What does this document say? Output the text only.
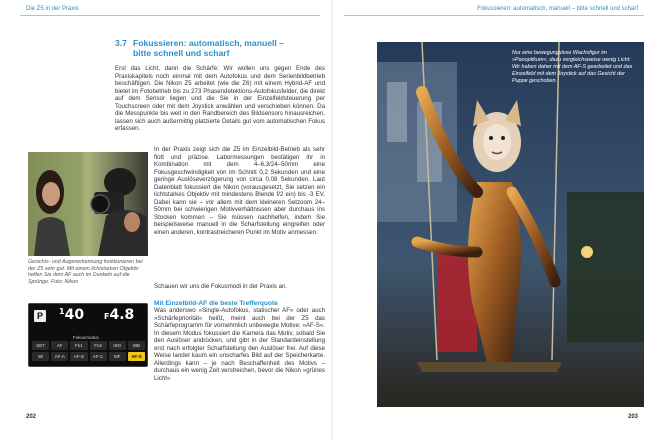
Die Z5 in der Praxis	Fokussieren: automatisch, manuell – bitte schnell und scharf
3.7 Fokussieren: automatisch, manuell –
bitte schnell und scharf

Erst das Licht, dann die Schärfe: Wir wollen uns gegen Ende des Praxiskapitels noch einmal mit dem Autofokus und dem Serienbildbetrieb beschäftigen. Die Nikon Z5 arbeitet (wie die Z6) mit einem Hybrid-AF und bietet im Fotobetrieb bis zu 273 Phasendetektions-Autofokusfelder, die direkt auf dem Sensor liegen und die Sie in der Einzelfeldsteuerung per Touchscreen oder mit dem Joystick anwählen und verschieben können. Da die Messpunkte bis weit in den Randbereich des Bildsensors hinausreichen, lassen sich auch außermittig platzierte Details gut vom automatischen Fokus erfassen.

Gesichts- und Augenerkennung funktionieren bei der Z5 sehr gut. Mit einem lichtstarken Objektiv helfen Sie dem AF auch im Dunkeln auf die Sprünge. Foto: Nikon

In der Praxis zeigt sich die Z5 im Einzelbild-Betrieb als sehr flott und präzise. Labormessungen bestätigen ihr in Kombination mit dem 4–6,3/24–50mm eine Fokusgeschwindigkeit von im Schnitt 0,2 Sekunden und eine geringe Auslöseverzögerung von circa 0,08 Sekunden. Laut Datenblatt fokussiert die Nikon (vorausgesetzt, Sie setzen ein lichtstarkes Objektiv mit mindestens Blende f/2 ein) bis -3 EV. Dabei kann sie – vor allem mit dem kleineren Setzoom 24–50mm bei schwierigen Motivverhältnissen aber durchaus ins Stocken kommen – Sie müssen nachhelfen, indem Sie beispielsweise manuell in die Scharfstellung eingreifen oder einen anderen, kontrastreicheren Punkt im Motiv anmessen.

Schauen wir uns die Fokusmodi in der Praxis an.

Mit Einzelbild-AF die beste Trefferquote

Was anderswo »Single-Autofokus, statischer AF« oder auch »Schärfepriorität« heißt, meint auch bei der Z5 das Schärfeprogramm für vornehmlich unbewegte Motive: »AF-S«. In diesem Modus fokussiert die Kamera das Motiv, sobald Sie den Auslöser andrücken, und gibt in der Standardeinstellung erst nach erfolgter Scharfstellung den Auslöser frei. Auf diese Weise landet kaum ein unscharfes Bild auf der Speicherkarte. Allerdings kann – je nach Beschaffenheit des Motivs – durchaus ein wenig Zeit verstreichen, bevor die Nikon »grünes Licht«

P	$^1$40 F4.8
Fokusmodus
SET	AF	Fn1	Fn2	ISO	WB
Wi	AF-A	AF-S	AF-C	MF	AF-S

Nur eine bewegungslose Wachsfigur im »Panoptikum«, dazu vergleichsweise wenig Licht: Wir haben daher mit dem AF-S gearbeitet und das Einzelfeld mit dem Joystick auf das Gesicht der Puppe geschoben.

202	203
